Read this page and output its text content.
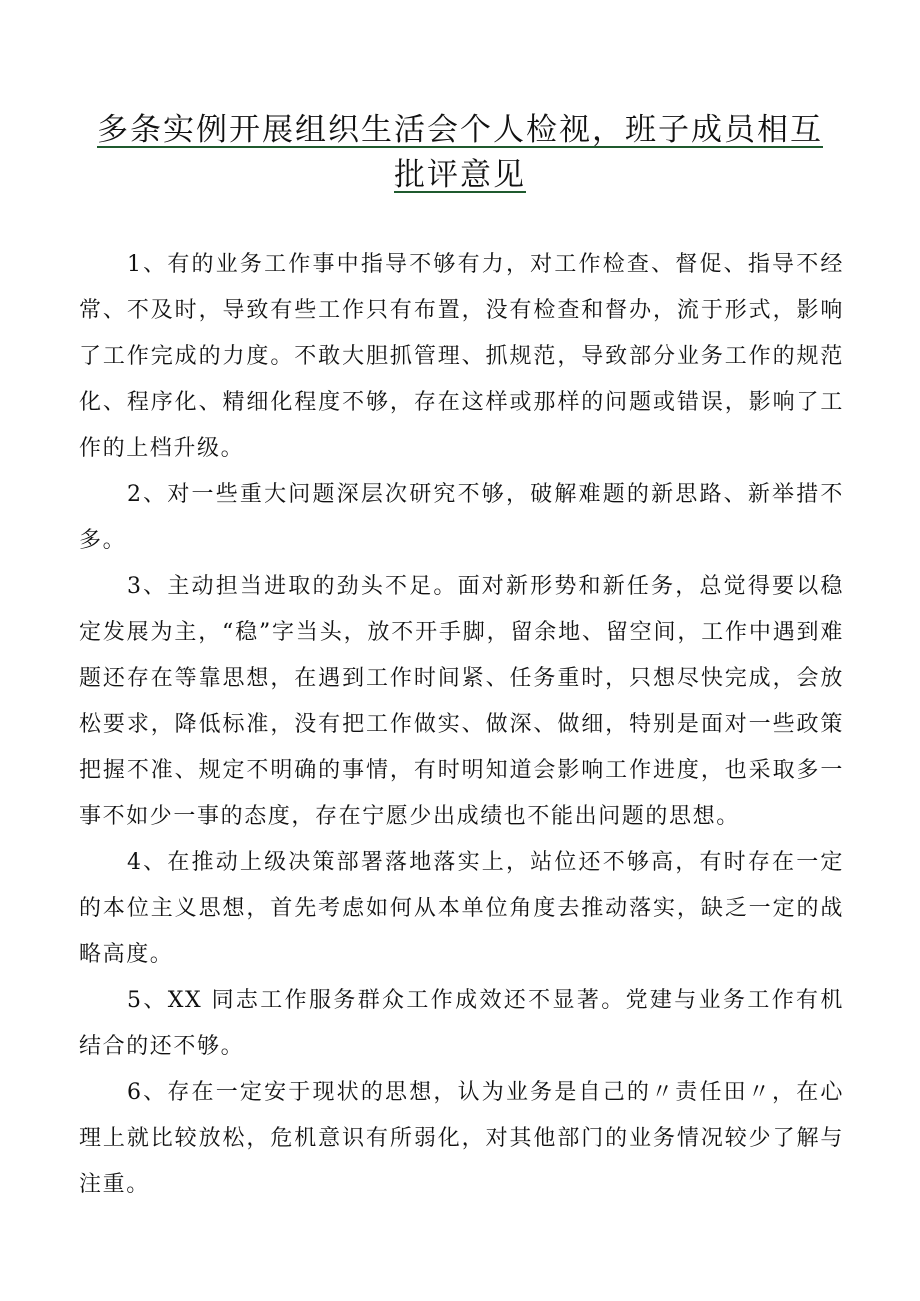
多条实例开展组织生活会个人检视，班子成员相互
批评意见

1、有的业务工作事中指导不够有力，对工作检查、督促、指导不经常、不及时，导致有些工作只有布置，没有检查和督办，流于形式，影响了工作完成的力度。不敢大胆抓管理、抓规范，导致部分业务工作的规范化、程序化、精细化程度不够，存在这样或那样的问题或错误，影响了工作的上档升级。

2、对一些重大问题深层次研究不够，破解难题的新思路、新举措不多。

3、主动担当进取的劲头不足。面对新形势和新任务，总觉得要以稳定发展为主，“稳”字当头，放不开手脚，留余地、留空间，工作中遇到难题还存在等靠思想，在遇到工作时间紧、任务重时，只想尽快完成，会放松要求，降低标准，没有把工作做实、做深、做细，特别是面对一些政策把握不准、规定不明确的事情，有时明知道会影响工作进度，也采取多一事不如少一事的态度，存在宁愿少出成绩也不能出问题的思想。

4、在推动上级决策部署落地落实上，站位还不够高，有时存在一定的本位主义思想，首先考虑如何从本单位角度去推动落实，缺乏一定的战略高度。

5、XX 同志工作服务群众工作成效还不显著。党建与业务工作有机结合的还不够。

6、存在一定安于现状的思想，认为业务是自己的〃责任田〃，在心理上就比较放松，危机意识有所弱化，对其他部门的业务情况较少了解与注重。
